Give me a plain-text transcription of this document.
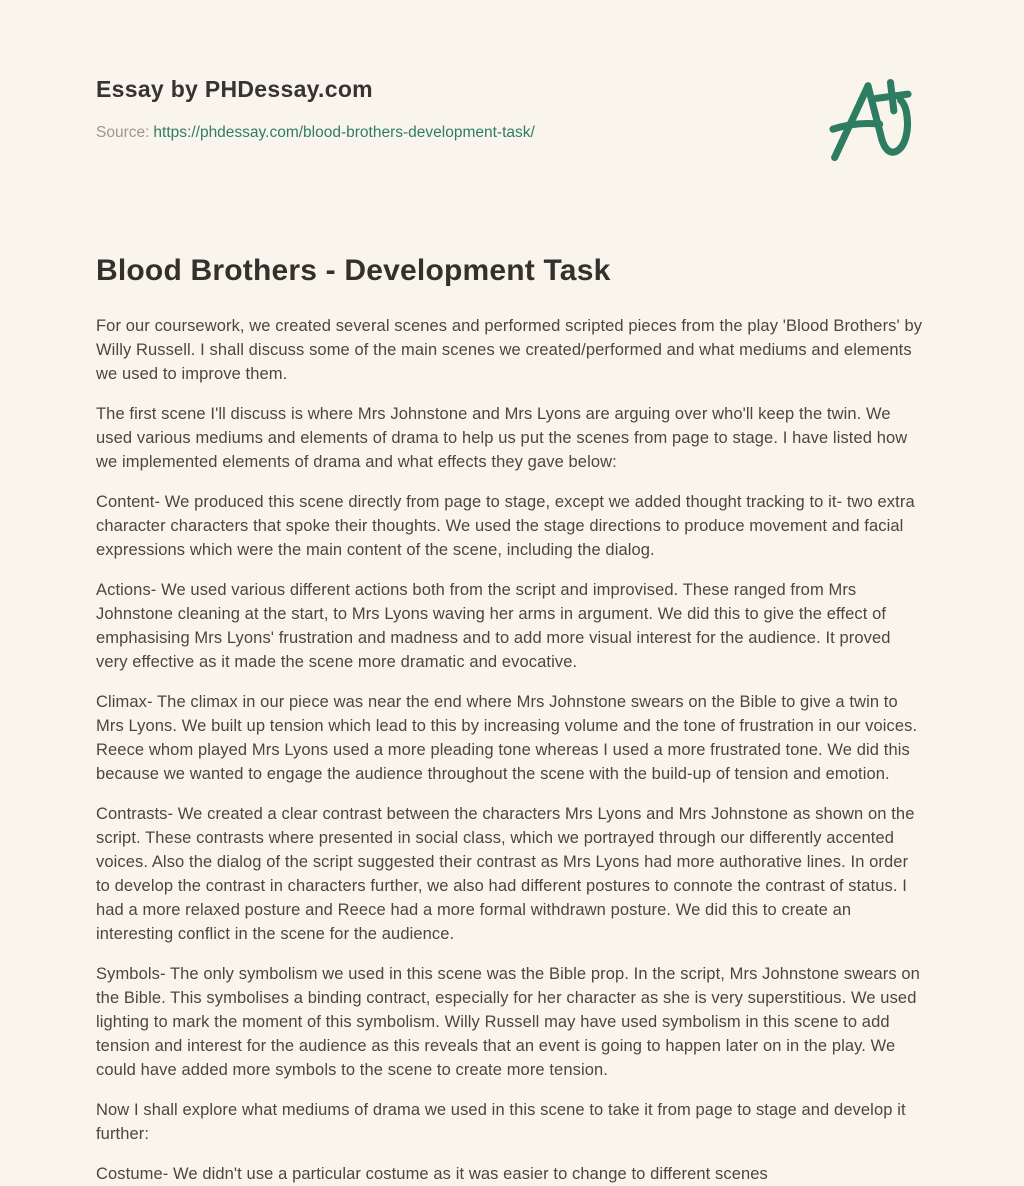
Essay by PHDessay.com

Source: https://phdessay.com/blood-brothers-development-task/

Blood Brothers - Development Task

For our coursework, we created several scenes and performed scripted pieces from the play 'Blood Brothers' by Willy Russell. I shall discuss some of the main scenes we created/performed and what mediums and elements we used to improve them.

The first scene I'll discuss is where Mrs Johnstone and Mrs Lyons are arguing over who'll keep the twin. We used various mediums and elements of drama to help us put the scenes from page to stage. I have listed how we implemented elements of drama and what effects they gave below:

Content- We produced this scene directly from page to stage, except we added thought tracking to it- two extra character characters that spoke their thoughts. We used the stage directions to produce movement and facial expressions which were the main content of the scene, including the dialog.

Actions- We used various different actions both from the script and improvised. These ranged from Mrs Johnstone cleaning at the start, to Mrs Lyons waving her arms in argument. We did this to give the effect of emphasising Mrs Lyons' frustration and madness and to add more visual interest for the audience. It proved very effective as it made the scene more dramatic and evocative.

Climax- The climax in our piece was near the end where Mrs Johnstone swears on the Bible to give a twin to Mrs Lyons. We built up tension which lead to this by increasing volume and the tone of frustration in our voices. Reece whom played Mrs Lyons used a more pleading tone whereas I used a more frustrated tone. We did this because we wanted to engage the audience throughout the scene with the build-up of tension and emotion.

Contrasts- We created a clear contrast between the characters Mrs Lyons and Mrs Johnstone as shown on the script. These contrasts where presented in social class, which we portrayed through our differently accented voices. Also the dialog of the script suggested their contrast as Mrs Lyons had more authorative lines. In order to develop the contrast in characters further, we also had different postures to connote the contrast of status. I had a more relaxed posture and Reece had a more formal withdrawn posture. We did this to create an interesting conflict in the scene for the audience.

Symbols- The only symbolism we used in this scene was the Bible prop. In the script, Mrs Johnstone swears on the Bible. This symbolises a binding contract, especially for her character as she is very superstitious. We used lighting to mark the moment of this symbolism. Willy Russell may have used symbolism in this scene to add tension and interest for the audience as this reveals that an event is going to happen later on in the play. We could have added more symbols to the scene to create more tension.

Now I shall explore what mediums of drama we used in this scene to take it from page to stage and develop it further:

Costume- We didn't use a particular costume as it was easier to change to different scenes
